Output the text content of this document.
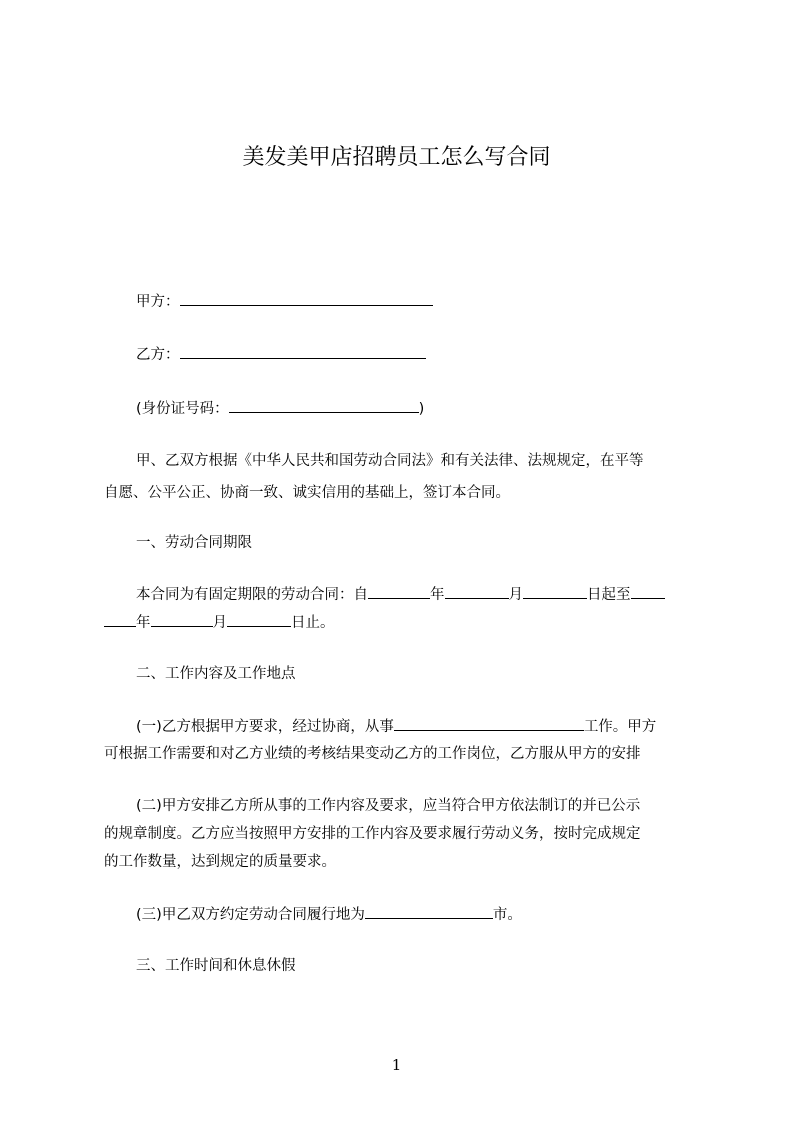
美发美甲店招聘员工怎么写合同
甲方：
乙方：
(身份证号码：	)
甲、乙双方根据《中华人民共和国劳动合同法》和有关法律、法规规定，在平等
自愿、公平公正、协商一致、诚实信用的基础上，签订本合同。
一、劳动合同期限
本合同为有固定期限的劳动合同：自	年	月	日起至
年	月	日止。
二、工作内容及工作地点
(一)乙方根据甲方要求，经过协商，从事	工作。甲方
可根据工作需要和对乙方业绩的考核结果变动乙方的工作岗位，乙方服从甲方的安排
(二)甲方安排乙方所从事的工作内容及要求，应当符合甲方依法制订的并已公示
的规章制度。乙方应当按照甲方安排的工作内容及要求履行劳动义务，按时完成规定
的工作数量，达到规定的质量要求。
(三)甲乙双方约定劳动合同履行地为	市。
三、工作时间和休息休假
1
